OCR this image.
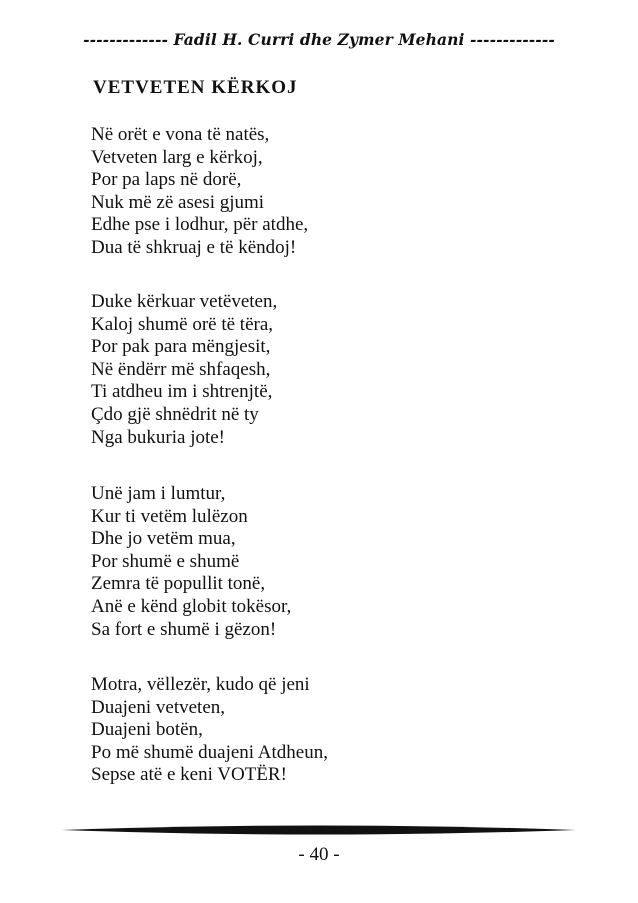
------------- Fadil H. Curri dhe Zymer Mehani -------------
VETVETEN KËRKOJ
Në orët e vona të natës,
Vetveten larg e kërkoj,
Por pa laps në dorë,
Nuk më zë asesi gjumi
Edhe pse i lodhur, për atdhe,
Dua të shkruaj e të këndoj!
Duke kërkuar vetëveten,
Kaloj shumë orë të tëra,
Por pak para mëngjesit,
Në ëndërr më shfaqesh,
Ti atdheu im i shtrenjtë,
Çdo gjë shnëdrit në ty
Nga bukuria jote!
Unë jam i lumtur,
Kur ti vetëm lulëzon
Dhe jo vetëm mua,
Por shumë e shumë
Zemra të popullit tonë,
Anë e kënd globit tokësor,
Sa fort e shumë i gëzon!
Motra, vëllezër, kudo që jeni
Duajeni vetveten,
Duajeni botën,
Po më shumë duajeni Atdheun,
Sepse atë e keni VOTËR!
- 40 -
